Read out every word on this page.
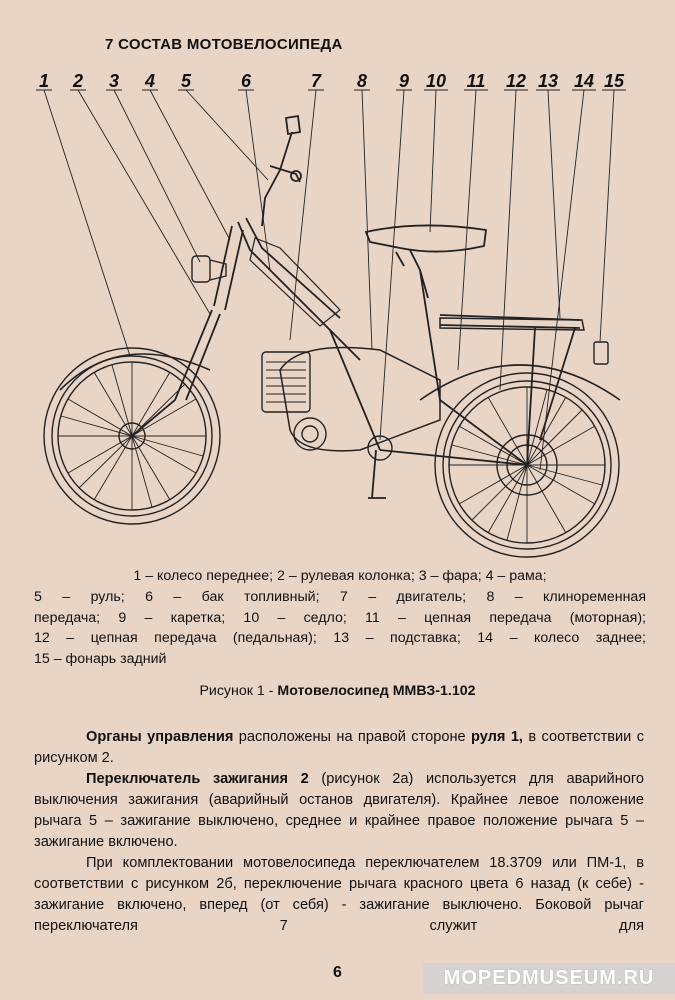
7 СОСТАВ МОТОВЕЛОСИПЕДА
1 2 3 4 5	6	7 8 9 10 11 12 13 14 15

1 – колесо переднее; 2 – рулевая колонка; 3 – фара; 4 – рама;

5 – руль; 6 – бак топливный; 7 – двигатель; 8 – клиноременная

передача; 9 – каретка; 10 – седло; 11 – цепная передача (моторная);

12 – цепная передача (педальная); 13 – подставка; 14 – колесо заднее;

15 – фонарь задний

Рисунок 1 - Мотовелосипед ММВЗ-1.102

Органы управления расположены на правой стороне руля 1, в соответствии с рисунком 2.

Переключатель зажигания 2 (рисунок 2а) используется для аварийного выключения зажигания (аварийный останов двигателя). Крайнее левое положение рычага 5 – зажигание выключено, среднее и крайнее правое положение рычага 5 – зажигание включено.

При комплектовании мотовелосипеда переключателем 18.3709 или ПМ-1, в соответствии с рисунком 2б, переключение рычага красного цвета 6 назад (к себе) - зажигание включено, вперед (от себя) - зажигание выключено. Боковой рычаг переключателя 7 служит для

6	MOPEDMUSEUM.RU
